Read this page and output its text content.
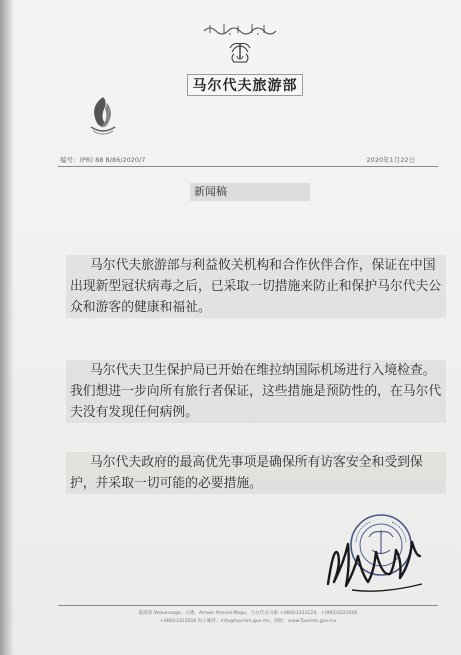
马尔代夫旅游部
编号：(PR) 88 B/86/2020/7	2020年1月22日
新闻稿

马尔代夫旅游部与利益攸关机构和合作伙伴合作，保证在中国出现新型冠状病毒之后，已采取一切措施来防止和保护马尔代夫公众和游客的健康和福祉。

马尔代夫卫生保护局已开始在维拉纳国际机场进行入境检查。我们想进一步向所有旅行者保证，这些措施是预防性的，在马尔代夫没有发现任何病例。

马尔代夫政府的最高优先事项是确保所有访客安全和受到保护，并采取一切可能的必要措施。

旅游部 Velaanaage，五楼，Ameer Ahmed Magu，马尔代夫马累 +(960)3323224，+(960)3322000
+(960)3322016 电子邮件：info@tourism.gov.mv，网址：www.Tourism.gov.mv
